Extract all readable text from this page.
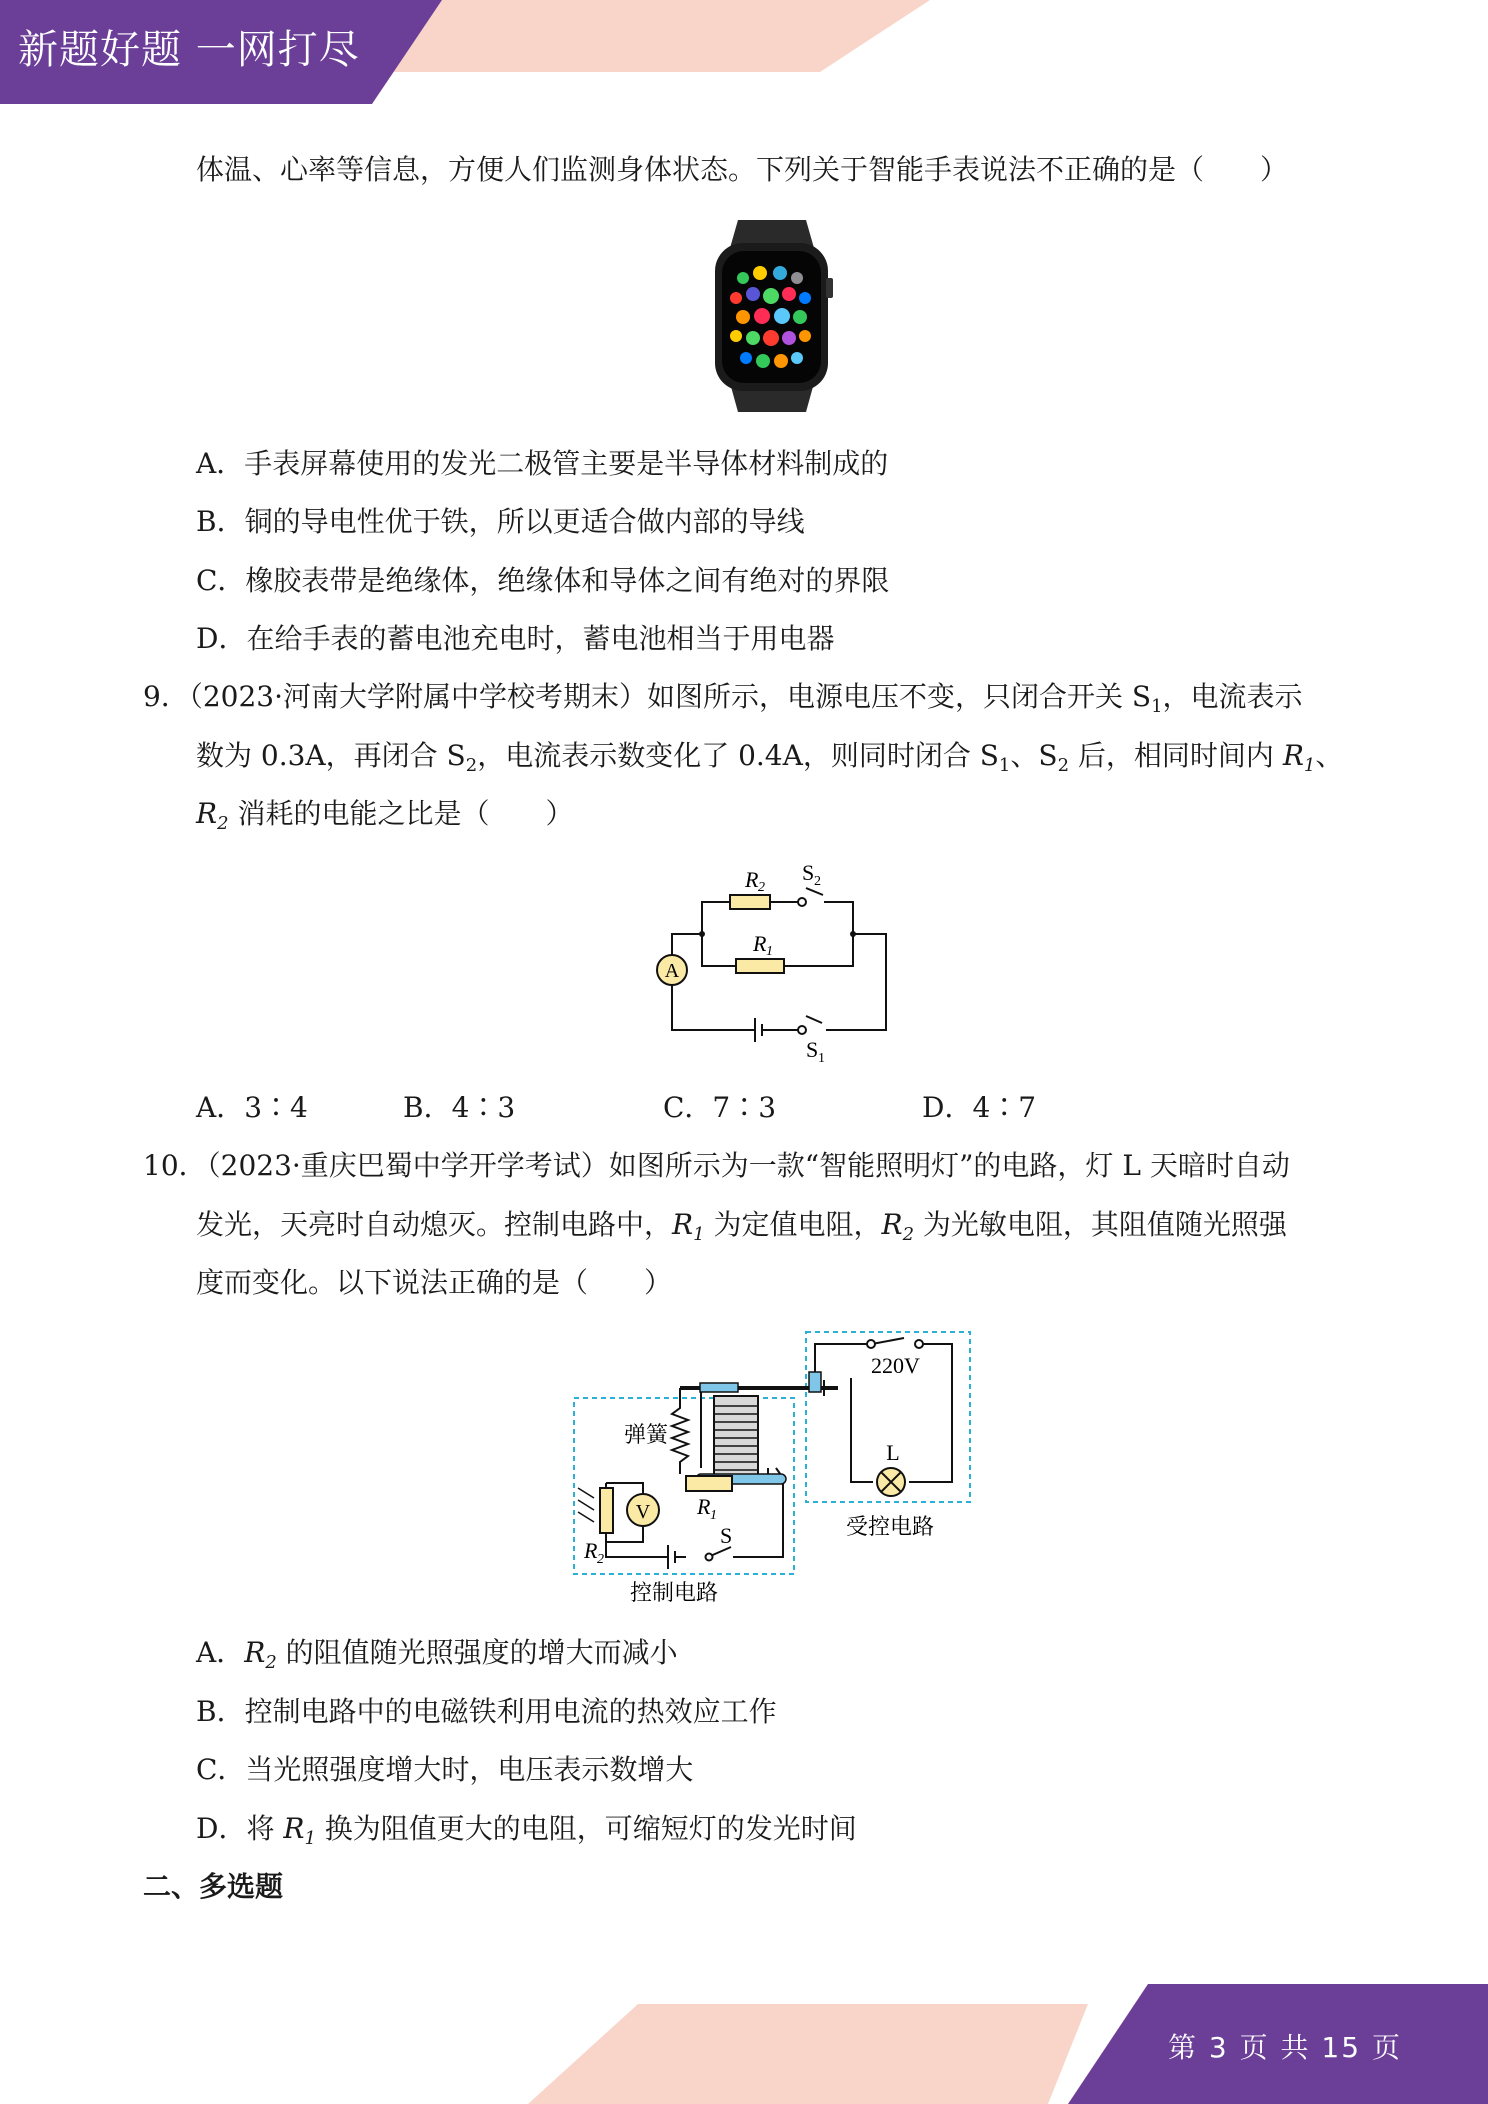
新题好题 一网打尽
体温、心率等信息，方便人们监测身体状态。下列关于智能手表说法不正确的是（　　）
A．手表屏幕使用的发光二极管主要是半导体材料制成的
B．铜的导电性优于铁，所以更适合做内部的导线
C．橡胶表带是绝缘体，绝缘体和导体之间有绝对的界限
D．在给手表的蓄电池充电时，蓄电池相当于用电器
9．（2023·河南大学附属中学校考期末）如图所示，电源电压不变，只闭合开关 $S_1$，电流表示
数为 0.3A，再闭合 $S_2$，电流表示数变化了 0.4A，则同时闭合 $S_1$、$S_2$ 后，相同时间内 $R_1$、
$R_2$ 消耗的电能之比是（　　）
A
R 2
S 2
R 1
S 1
A．3∶4	B．4∶3	C．7∶3	D．4∶7
10．（2023·重庆巴蜀中学开学考试）如图所示为一款“智能照明灯”的电路，灯 L 天暗时自动
发光，天亮时自动熄灭。控制电路中，$R_1$ 为定值电阻，$R_2$ 为光敏电阻，其阻值随光照强
度而变化。以下说法正确的是（　　）
220V
弹簧
L
R 1
V
R 2
S	受控电路
控制电路
A．$R_2$ 的阻值随光照强度的增大而减小
B．控制电路中的电磁铁利用电流的热效应工作
C．当光照强度增大时，电压表示数增大
D．将 $R_1$ 换为阻值更大的电阻，可缩短灯的发光时间
二、多选题
第 3 页 共 15 页
